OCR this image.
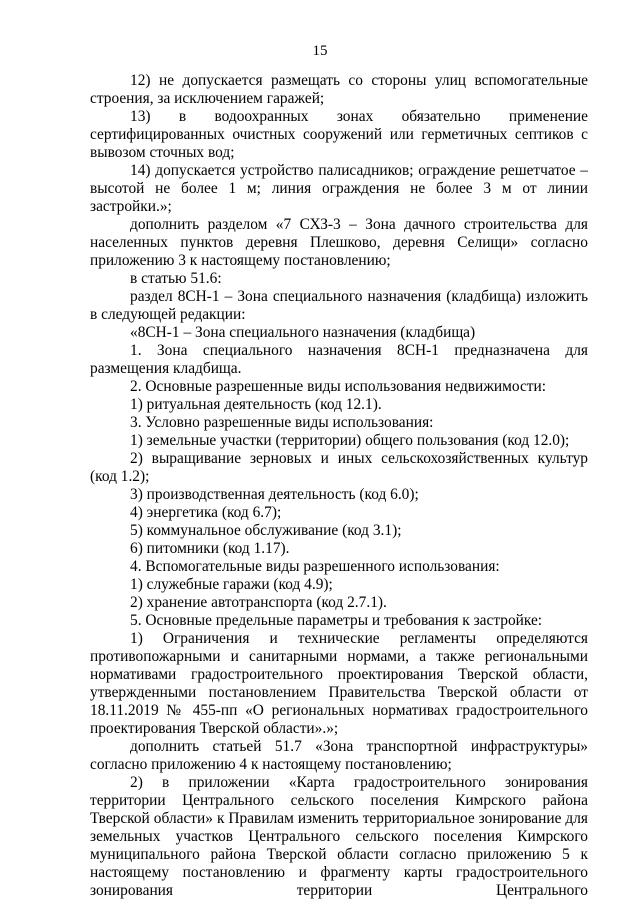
15

12) не допускается размещать со стороны улиц вспомогательные строения, за исключением гаражей;

13) в водоохранных зонах обязательно применение сертифицированных очистных сооружений или герметичных септиков с вывозом сточных вод;

14) допускается устройство палисадников; ограждение решетчатое – высотой не более 1 м; линия ограждения не более 3 м от линии застройки.»;

дополнить разделом «7 СХЗ-3 – Зона дачного строительства для населенных пунктов деревня Плешково, деревня Селищи» согласно приложению 3 к настоящему постановлению;

в статью 51.6:

раздел 8СН-1 – Зона специального назначения (кладбища) изложить в следующей редакции:

«8СН-1 – Зона специального назначения (кладбища)

1. Зона специального назначения 8СН-1 предназначена для размещения кладбища.

2. Основные разрешенные виды использования недвижимости:

1) ритуальная деятельность (код 12.1).

3. Условно разрешенные виды использования:

1) земельные участки (территории) общего пользования (код 12.0);

2) выращивание зерновых и иных сельскохозяйственных культур (код 1.2);

3) производственная деятельность (код 6.0);

4) энергетика (код 6.7);

5) коммунальное обслуживание (код 3.1);

6) питомники (код 1.17).

4. Вспомогательные виды разрешенного использования:

1) служебные гаражи (код 4.9);

2) хранение автотранспорта (код 2.7.1).

5. Основные предельные параметры и требования к застройке:

1) Ограничения и технические регламенты определяются противопожарными и санитарными нормами, а также региональными нормативами градостроительного проектирования Тверской области, утвержденными постановлением Правительства Тверской области от 18.11.2019 № 455-пп «О региональных нормативах градостроительного проектирования Тверской области».»;

дополнить статьей 51.7 «Зона транспортной инфраструктуры» согласно приложению 4 к настоящему постановлению;

2) в приложении «Карта градостроительного зонирования территории Центрального сельского поселения Кимрского района Тверской области» к Правилам изменить территориальное зонирование для земельных участков Центрального сельского поселения Кимрского муниципального района Тверской области согласно приложению 5 к настоящему постановлению и фрагменту карты градостроительного зонирования территории Центрального
